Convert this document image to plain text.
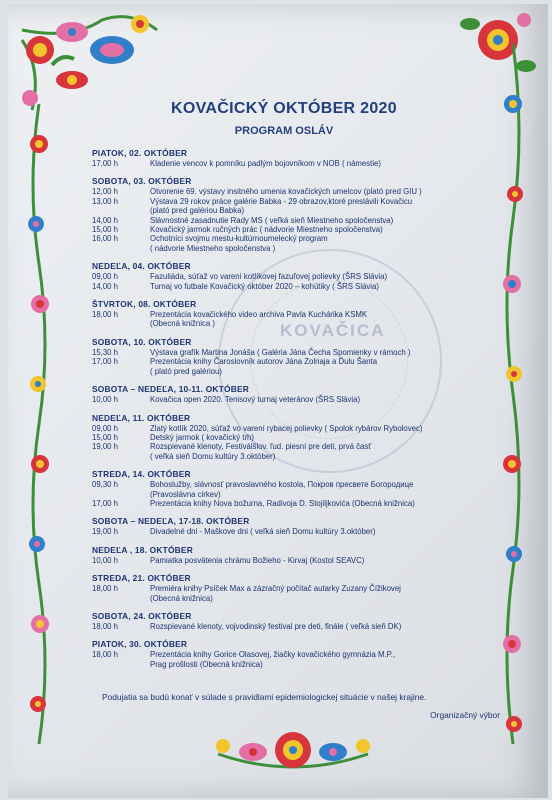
KOVAČICA
KOVAČICKÝ OKTÓBER 2020
PROGRAM OSLÁV
PIATOK, 02. OKTÓBER
17,00 h	Kladenie vencov k pomníku padlým bojovníkom v NOB ( námestie)
SOBOTA, 03. OKTÓBER
12,00 h	Otvorenie 69. výstavy insitného umenia kovačických umelcov (plató pred GIU )
13,00 h	Výstava 29 rokov práce galérie Babka - 29 obrazov,ktoré preslávili Kovačicu
(plató pred galériou Babka)
14,00 h	Slávnostné zasadnutie Rady MS ( veľká sieň Miestneho spoločenstva)
15,00 h	Kovačický jarmok ručných prác ( nádvorie Miestneho spoločenstva)
16,00 h	Ochotníci svojmu mestu-kultúrnoumelecký program
( nádvorie Miestneho spoločenstva )
NEDEĽA, 04. OKTÓBER
09,00 h	Fazuliáda, súťaž vo varení kotlíkovej fazuľovej polievky (ŠRS Slávia)
14,00 h	Turnaj vo futbale Kovačický október 2020 – kohútiky ( ŠRS Slávia)
ŠTVRTOK, 08. OKTÓBER
18,00 h	Prezentácia kovačického video archiva Pavla Kuchárika KSMK
(Obecná knižnica )
SOBOTA, 10. OKTÓBER
15,30 h	Výstava grafík Martina Jonáša ( Galéria Jána Čecha Spomienky v rámoch )
17,00 h	Prezentácia knihy Čaroslovník autorov Jána Zolnaja a Ďulu Šanta
( plató pred galériou)
SOBOTA – NEDEĽA, 10-11. OKTÓBER
10,00 h	Kovačica open 2020. Tenisový turnaj veteránov (ŠRS Slávia)
NEDEĽA, 11. OKTÓBER
09,00 h	Zlatý kotlík 2020, súťaž vo varení rybacej polievky ( Spolok rybárov Rybolovec)
15,00 h	Detský jarmok ( kovačický trh)
19,00 h	Rozspievané klenoty, Festiválšlov. ľud. piesní pre deti, prvá časť
( veľká sieň Domu kultúry 3.október)
STREDA, 14. OKTÓBER
09,30 h	Bohoslužby, slávnosť pravoslavného kostola, Покров пресвете Богородице
(Pravoslávna cirkev)
17,00 h	Prezentácia knihy Nova božurna, Radivoja D. Stojiljkovića (Obecná knižnica)
SOBOTA – NEDEĽA, 17-18. OKTÓBER
19,00 h	Divadelné dni - Maškove dni ( veľká sieň Domu kultúry 3.október)
NEDEĽA , 18. OKTÓBER
10,00 h	Pamiatka posvätenia chrámu Božieho - Kirvaj (Kostol SEAVC)
STREDA, 21. OKTÓBER
18,00 h	Premiéra knihy Psíček Max a zázračný počítač autarky Zuzany Čížikovej
(Obecná knižnica)
SOBOTA, 24. OKTÓBER
18,00 h	Rozspievané klenoty, vojvodinský festival pre deti, finále ( veľká sieň DK)
PIATOK, 30. OKTÓBER
18,00 h	Prezentácia knihy Gorice Olasovej, žiačky kovačického gymnázia M.P.,
Prag prošlosti (Obecná knižnica)
Podujatia sa budú konať v súlade s pravidlami epidemiologickej situácie v našej krajine.
Organizačný výbor
